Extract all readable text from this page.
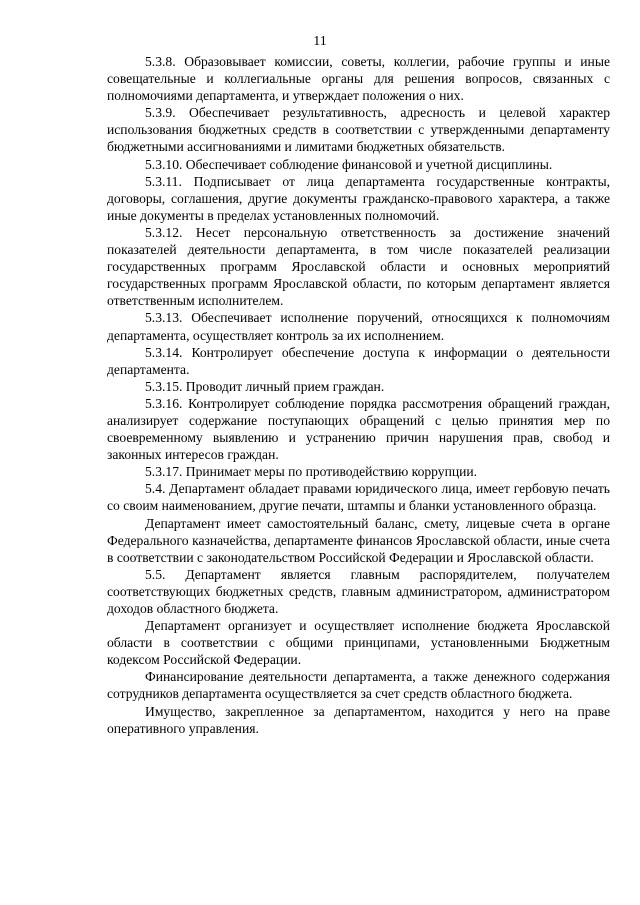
11

5.3.8. Образовывает комиссии, советы, коллегии, рабочие группы и иные совещательные и коллегиальные органы для решения вопросов, связанных с полномочиями департамента, и утверждает положения о них.

5.3.9. Обеспечивает результативность, адресность и целевой характер использования бюджетных средств в соответствии с утвержденными департаменту бюджетными ассигнованиями и лимитами бюджетных обязательств.

5.3.10. Обеспечивает соблюдение финансовой и учетной дисциплины.

5.3.11. Подписывает от лица департамента государственные контракты, договоры, соглашения, другие документы гражданско-правового характера, а также иные документы в пределах установленных полномочий.

5.3.12. Несет персональную ответственность за достижение значений показателей деятельности департамента, в том числе показателей реализации государственных программ Ярославской области и основных мероприятий государственных программ Ярославской области, по которым департамент является ответственным исполнителем.

5.3.13. Обеспечивает исполнение поручений, относящихся к полномочиям департамента, осуществляет контроль за их исполнением.

5.3.14. Контролирует обеспечение доступа к информации о деятельности департамента.

5.3.15. Проводит личный прием граждан.

5.3.16. Контролирует соблюдение порядка рассмотрения обращений граждан, анализирует содержание поступающих обращений с целью принятия мер по своевременному выявлению и устранению причин нарушения прав, свобод и законных интересов граждан.

5.3.17. Принимает меры по противодействию коррупции.

5.4. Департамент обладает правами юридического лица, имеет гербовую печать со своим наименованием, другие печати, штампы и бланки установленного образца.

Департамент имеет самостоятельный баланс, смету, лицевые счета в органе Федерального казначейства, департаменте финансов Ярославской области, иные счета в соответствии с законодательством Российской Федерации и Ярославской области.

5.5. Департамент является главным распорядителем, получателем соответствующих бюджетных средств, главным администратором, администратором доходов областного бюджета.

Департамент организует и осуществляет исполнение бюджета Ярославской области в соответствии с общими принципами, установленными Бюджетным кодексом Российской Федерации.

Финансирование деятельности департамента, а также денежного содержания сотрудников департамента осуществляется за счет средств областного бюджета.

Имущество, закрепленное за департаментом, находится у него на праве оперативного управления.
